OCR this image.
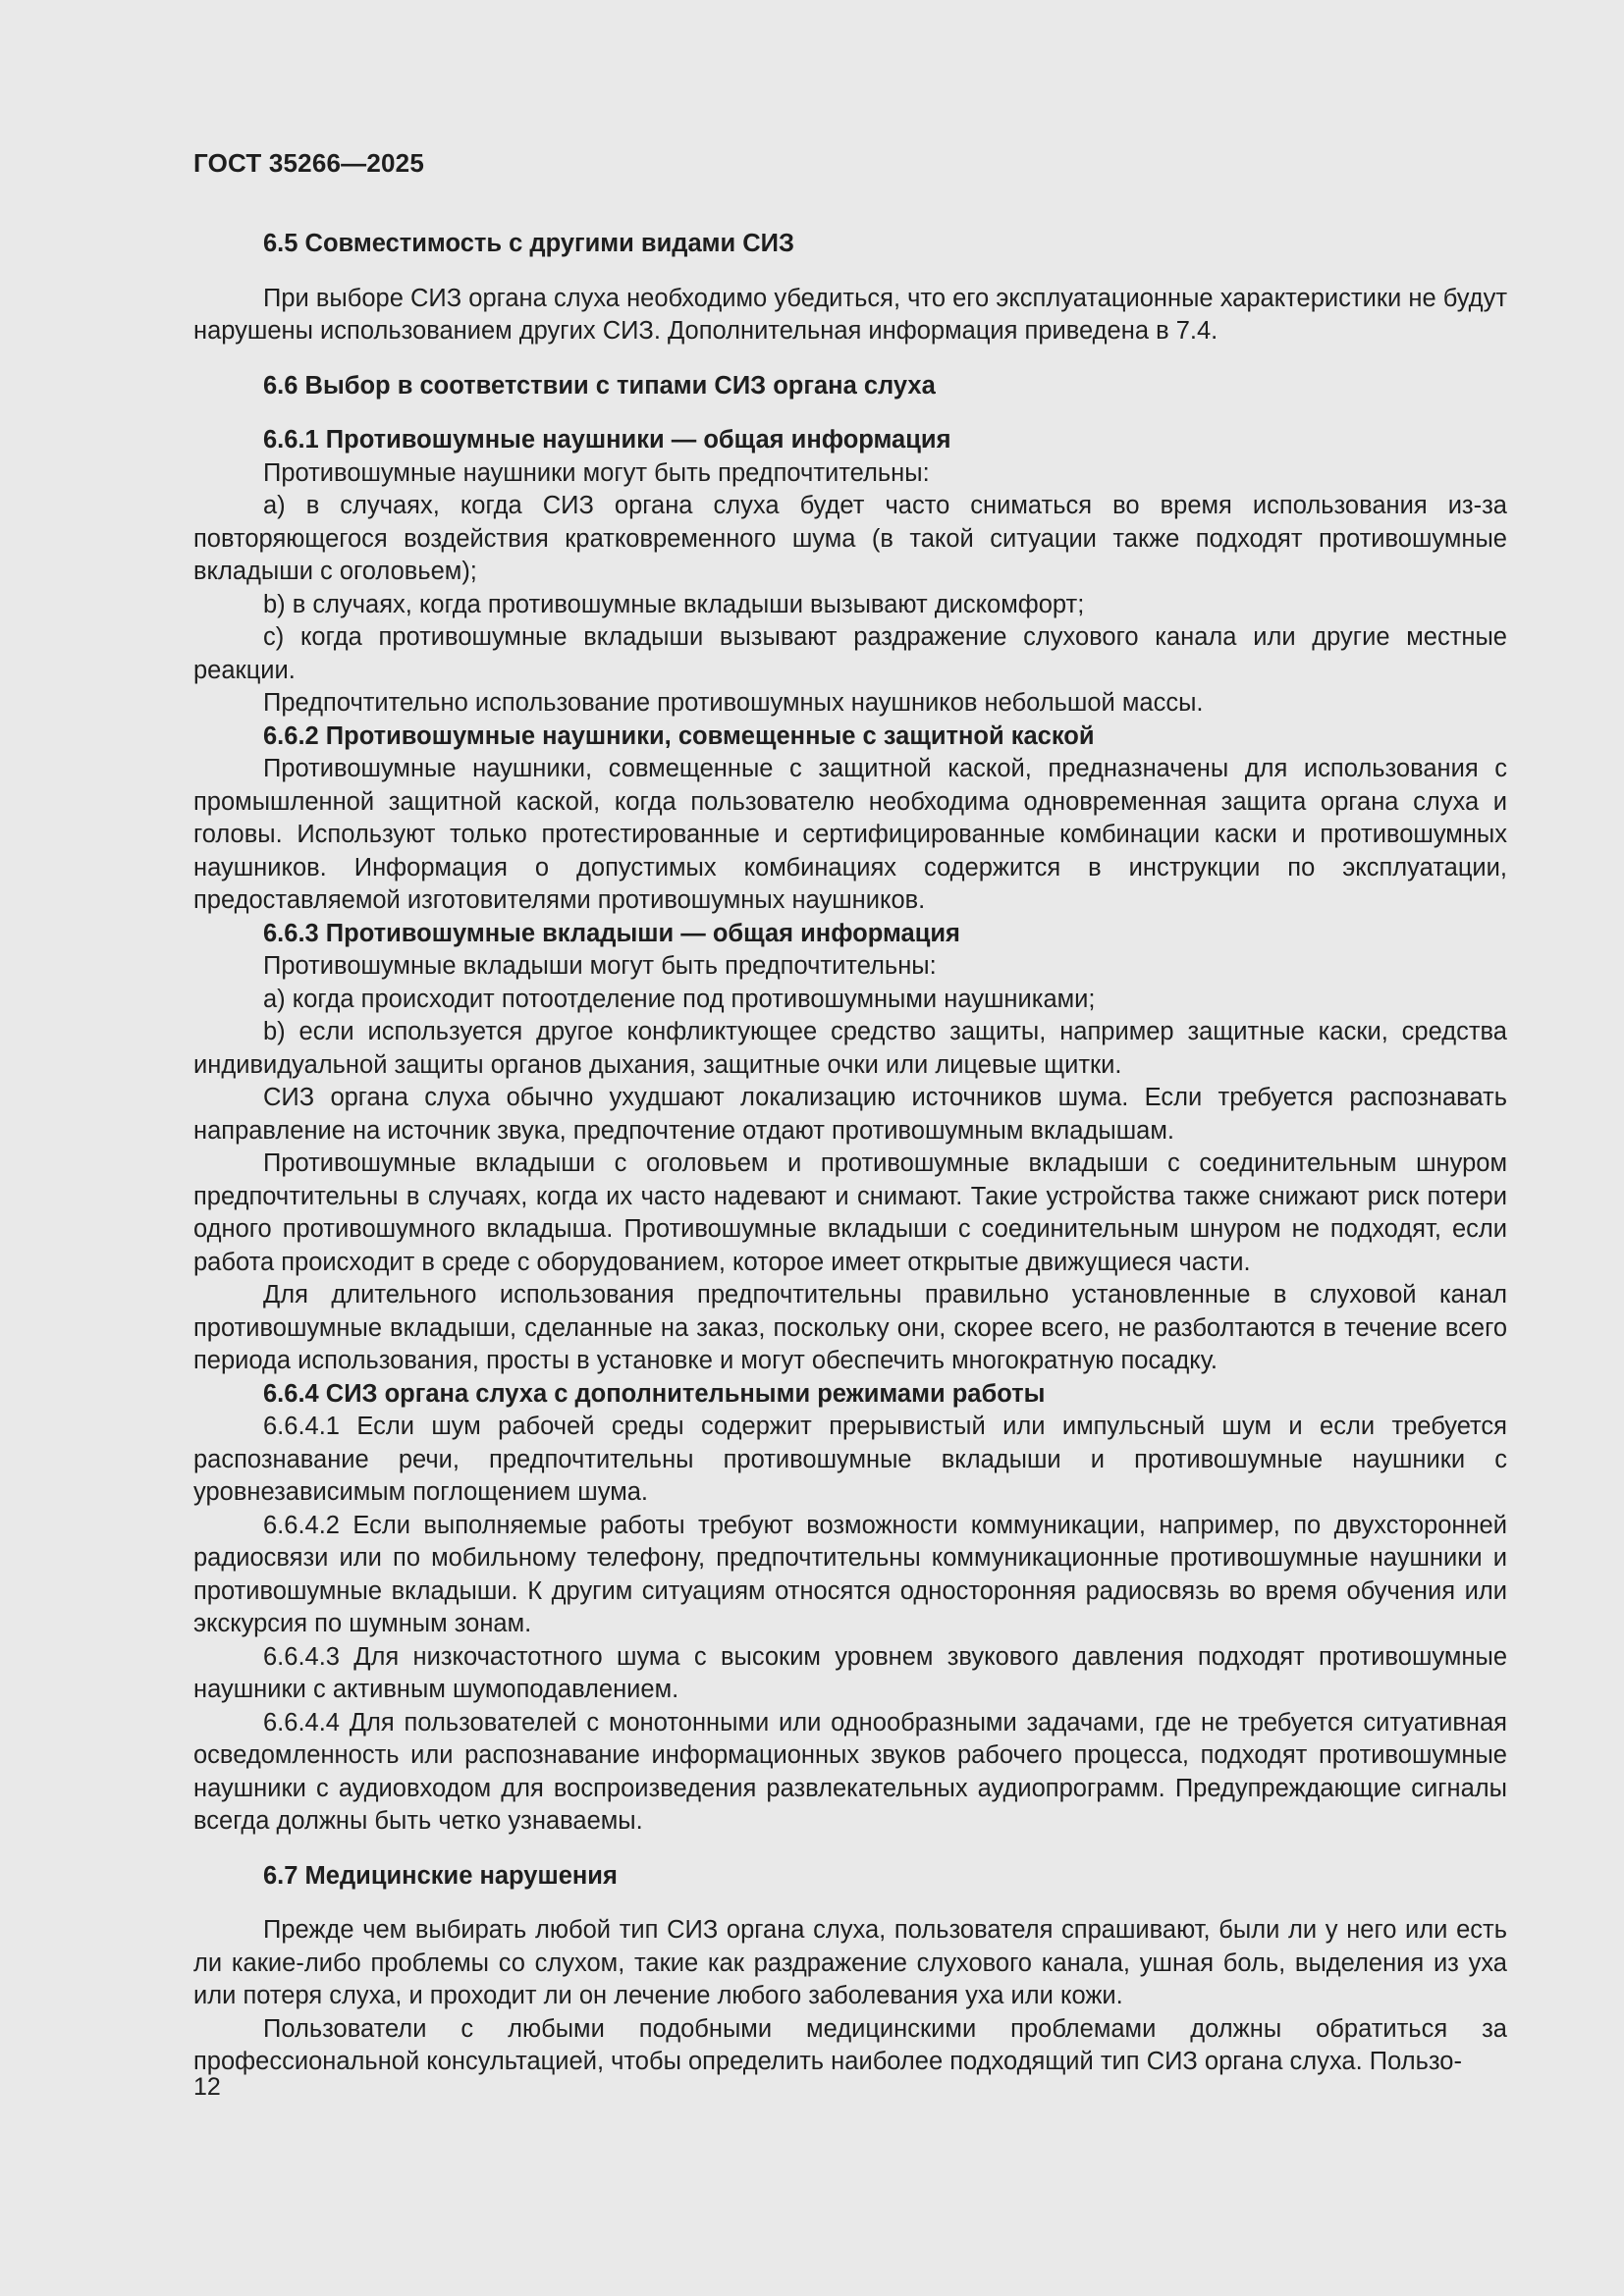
ГОСТ 35266—2025

6.5 Совместимость с другими видами СИЗ

При выборе СИЗ органа слуха необходимо убедиться, что его эксплуатационные характеристики не будут нарушены использованием других СИЗ. Дополнительная информация приведена в 7.4.

6.6 Выбор в соответствии с типами СИЗ органа слуха

6.6.1 Противошумные наушники — общая информация

Противошумные наушники могут быть предпочтительны:

a) в случаях, когда СИЗ органа слуха будет часто сниматься во время использования из-за повторяющегося воздействия кратковременного шума (в такой ситуации также подходят противошумные вкладыши с оголовьем);

b) в случаях, когда противошумные вкладыши вызывают дискомфорт;

c) когда противошумные вкладыши вызывают раздражение слухового канала или другие местные реакции.

Предпочтительно использование противошумных наушников небольшой массы.

6.6.2 Противошумные наушники, совмещенные с защитной каской

Противошумные наушники, совмещенные с защитной каской, предназначены для использования с промышленной защитной каской, когда пользователю необходима одновременная защита органа слуха и головы. Используют только протестированные и сертифицированные комбинации каски и противошумных наушников. Информация о допустимых комбинациях содержится в инструкции по эксплуатации, предоставляемой изготовителями противошумных наушников.

6.6.3 Противошумные вкладыши — общая информация

Противошумные вкладыши могут быть предпочтительны:

a) когда происходит потоотделение под противошумными наушниками;

b) если используется другое конфликтующее средство защиты, например защитные каски, средства индивидуальной защиты органов дыхания, защитные очки или лицевые щитки.

СИЗ органа слуха обычно ухудшают локализацию источников шума. Если требуется распознавать направление на источник звука, предпочтение отдают противошумным вкладышам.

Противошумные вкладыши с оголовьем и противошумные вкладыши с соединительным шнуром предпочтительны в случаях, когда их часто надевают и снимают. Такие устройства также снижают риск потери одного противошумного вкладыша. Противошумные вкладыши с соединительным шнуром не подходят, если работа происходит в среде с оборудованием, которое имеет открытые движущиеся части.

Для длительного использования предпочтительны правильно установленные в слуховой канал противошумные вкладыши, сделанные на заказ, поскольку они, скорее всего, не разболтаются в течение всего периода использования, просты в установке и могут обеспечить многократную посадку.

6.6.4 СИЗ органа слуха с дополнительными режимами работы

6.6.4.1 Если шум рабочей среды содержит прерывистый или импульсный шум и если требуется распознавание речи, предпочтительны противошумные вкладыши и противошумные наушники с уровнезависимым поглощением шума.

6.6.4.2 Если выполняемые работы требуют возможности коммуникации, например, по двухсторонней радиосвязи или по мобильному телефону, предпочтительны коммуникационные противошумные наушники и противошумные вкладыши. К другим ситуациям относятся односторонняя радиосвязь во время обучения или экскурсия по шумным зонам.

6.6.4.3 Для низкочастотного шума с высоким уровнем звукового давления подходят противошумные наушники с активным шумоподавлением.

6.6.4.4 Для пользователей с монотонными или однообразными задачами, где не требуется ситуативная осведомленность или распознавание информационных звуков рабочего процесса, подходят противошумные наушники с аудиовходом для воспроизведения развлекательных аудиопрограмм. Предупреждающие сигналы всегда должны быть четко узнаваемы.

6.7 Медицинские нарушения

Прежде чем выбирать любой тип СИЗ органа слуха, пользователя спрашивают, были ли у него или есть ли какие-либо проблемы со слухом, такие как раздражение слухового канала, ушная боль, выделения из уха или потеря слуха, и проходит ли он лечение любого заболевания уха или кожи.

Пользователи с любыми подобными медицинскими проблемами должны обратиться за профессиональной консультацией, чтобы определить наиболее подходящий тип СИЗ органа слуха. Пользо-

12
